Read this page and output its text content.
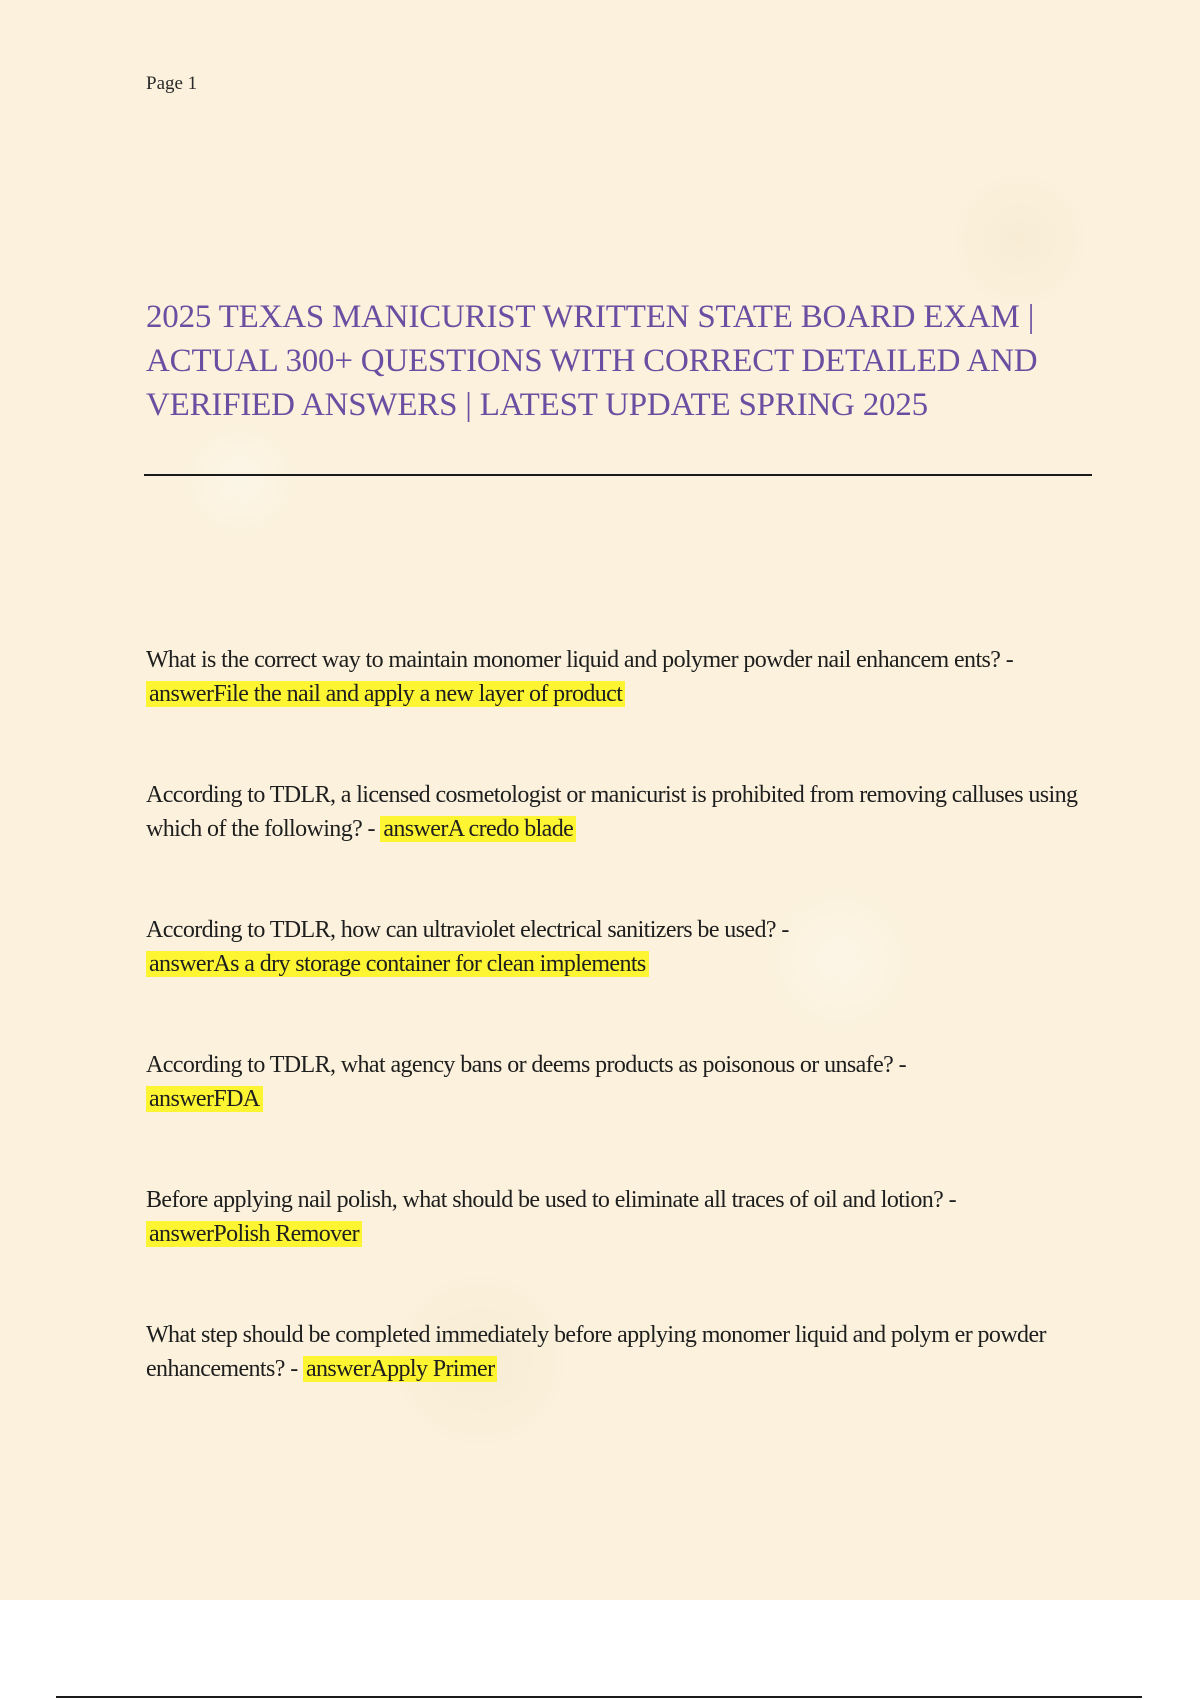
Page 1
2025 TEXAS MANICURIST WRITTEN STATE BOARD EXAM | ACTUAL 300+ QUESTIONS WITH CORRECT DETAILED AND VERIFIED ANSWERS | LATEST UPDATE SPRING 2025

What is the correct way to maintain monomer liquid and polymer powder nail enhancem ents? - answerFile the nail and apply a new layer of product

According to TDLR, a licensed cosmetologist or manicurist is prohibited from removing calluses using which of the following? - answerA credo blade

According to TDLR, how can ultraviolet electrical sanitizers be used? -
answerAs a dry storage container for clean implements

According to TDLR, what agency bans or deems products as poisonous or unsafe? -
answerFDA

Before applying nail polish, what should be used to eliminate all traces of oil and lotion? -
answerPolish Remover

What step should be completed immediately before applying monomer liquid and polym er powder enhancements? - answerApply Primer
